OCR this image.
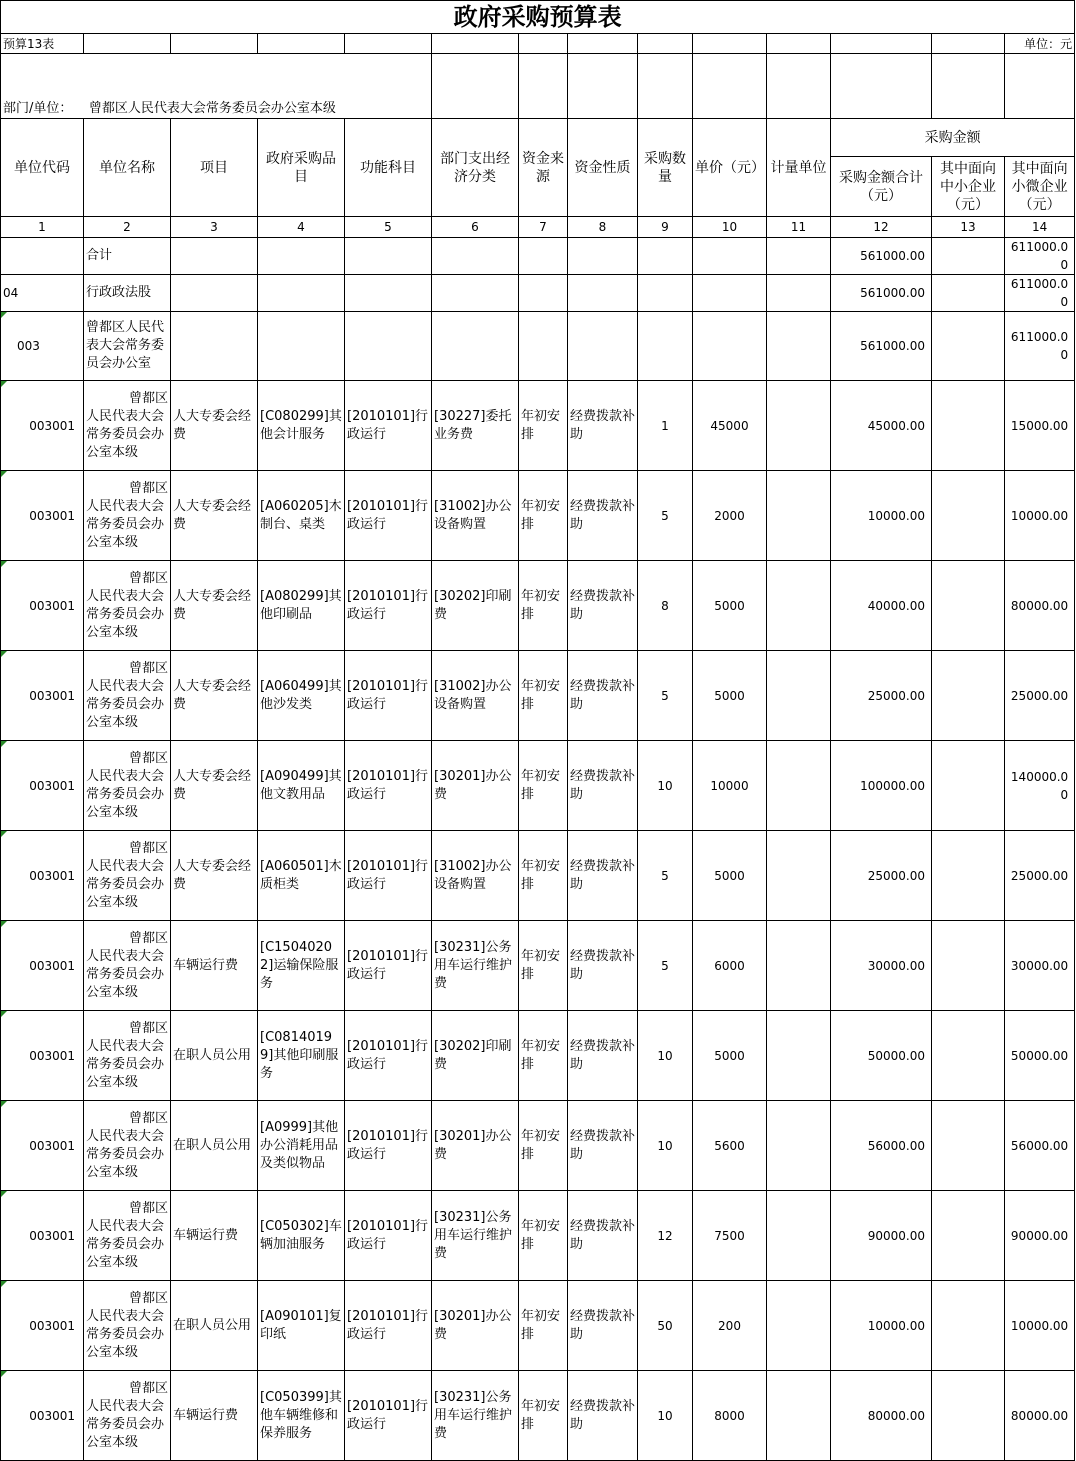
政府采购预算表													
预算13表													单位：元
部门/单位： 曾都区人民代表大会常务委员会办公室本级													
单位代码	单位名称	项目	政府采购品目	功能科目	部门支出经济分类	资金来源	资金性质	采购数量	单价（元）	计量单位	采购金额		
											采购金额合计（元）	其中面向中小企业（元）	其中面向小微企业（元）
1	2	3	4	5	6	7	8	9	10	11	12	13	14
	合计										561000.00		611000.00
04	行政政法股										561000.00		611000.00
003	曾都区人民代表大会常务委员会办公室										561000.00		611000.00
003001	曾都区
人民代表大会常务委员会办公室本级	人大专委会经费	[C080299]其他会计服务	[2010101]行政运行	[30227]委托业务费	年初安排	经费拨款补助	1	45000		45000.00		15000.00
003001	曾都区
人民代表大会常务委员会办公室本级	人大专委会经费	[A060205]木制台、桌类	[2010101]行政运行	[31002]办公设备购置	年初安排	经费拨款补助	5	2000		10000.00		10000.00
003001	曾都区
人民代表大会常务委员会办公室本级	人大专委会经费	[A080299]其他印刷品	[2010101]行政运行	[30202]印刷费	年初安排	经费拨款补助	8	5000		40000.00		80000.00
003001	曾都区
人民代表大会常务委员会办公室本级	人大专委会经费	[A060499]其他沙发类	[2010101]行政运行	[31002]办公设备购置	年初安排	经费拨款补助	5	5000		25000.00		25000.00
003001	曾都区
人民代表大会常务委员会办公室本级	人大专委会经费	[A090499]其他文教用品	[2010101]行政运行	[30201]办公费	年初安排	经费拨款补助	10	10000		100000.00		140000.00
003001	曾都区
人民代表大会常务委员会办公室本级	人大专委会经费	[A060501]木质柜类	[2010101]行政运行	[31002]办公设备购置	年初安排	经费拨款补助	5	5000		25000.00		25000.00
003001	曾都区
人民代表大会常务委员会办公室本级	车辆运行费	[C15040202]运输保险服务	[2010101]行政运行	[30231]公务用车运行维护费	年初安排	经费拨款补助	5	6000		30000.00		30000.00
003001	曾都区
人民代表大会常务委员会办公室本级	在职人员公用	[C08140199]其他印刷服务	[2010101]行政运行	[30202]印刷费	年初安排	经费拨款补助	10	5000		50000.00		50000.00
003001	曾都区
人民代表大会常务委员会办公室本级	在职人员公用	[A0999]其他办公消耗用品及类似物品	[2010101]行政运行	[30201]办公费	年初安排	经费拨款补助	10	5600		56000.00		56000.00
003001	曾都区
人民代表大会常务委员会办公室本级	车辆运行费	[C050302]车辆加油服务	[2010101]行政运行	[30231]公务用车运行维护费	年初安排	经费拨款补助	12	7500		90000.00		90000.00
003001	曾都区
人民代表大会常务委员会办公室本级	在职人员公用	[A090101]复印纸	[2010101]行政运行	[30201]办公费	年初安排	经费拨款补助	50	200		10000.00		10000.00
003001	曾都区
人民代表大会常务委员会办公室本级	车辆运行费	[C050399]其他车辆维修和保养服务	[2010101]行政运行	[30231]公务用车运行维护费	年初安排	经费拨款补助	10	8000		80000.00		80000.00
